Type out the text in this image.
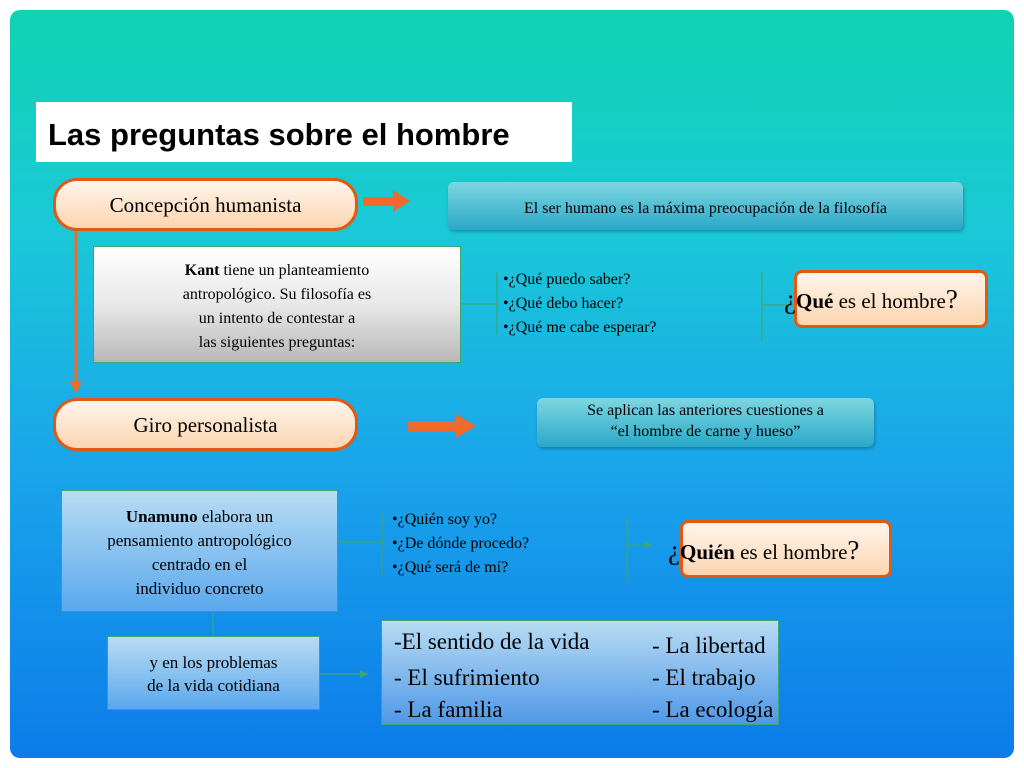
Las preguntas sobre el hombre
Concepción humanista	El ser humano es la máxima preocupación de la filosofía
Kant tiene un planteamiento
antropológico. Su filosofía es
un intento de contestar a
las siguientes preguntas:
•¿Qué puedo saber?
•¿Qué debo hacer?
•¿Qué me cabe esperar?
¿Qué es el hombre?
Giro personalista
Se aplican las anteriores cuestiones a
“el hombre de carne y hueso”
Unamuno elabora un
pensamiento antropológico
centrado en el
individuo concreto
•¿Quién soy yo?
•¿De dónde procedo?
•¿Qué será de mí?
¿Quién es el hombre?
y en los problemas
de la vida cotidiana
-El sentido de la vida
- El sufrimiento
- La familia
- La libertad
- El trabajo
- La ecología
